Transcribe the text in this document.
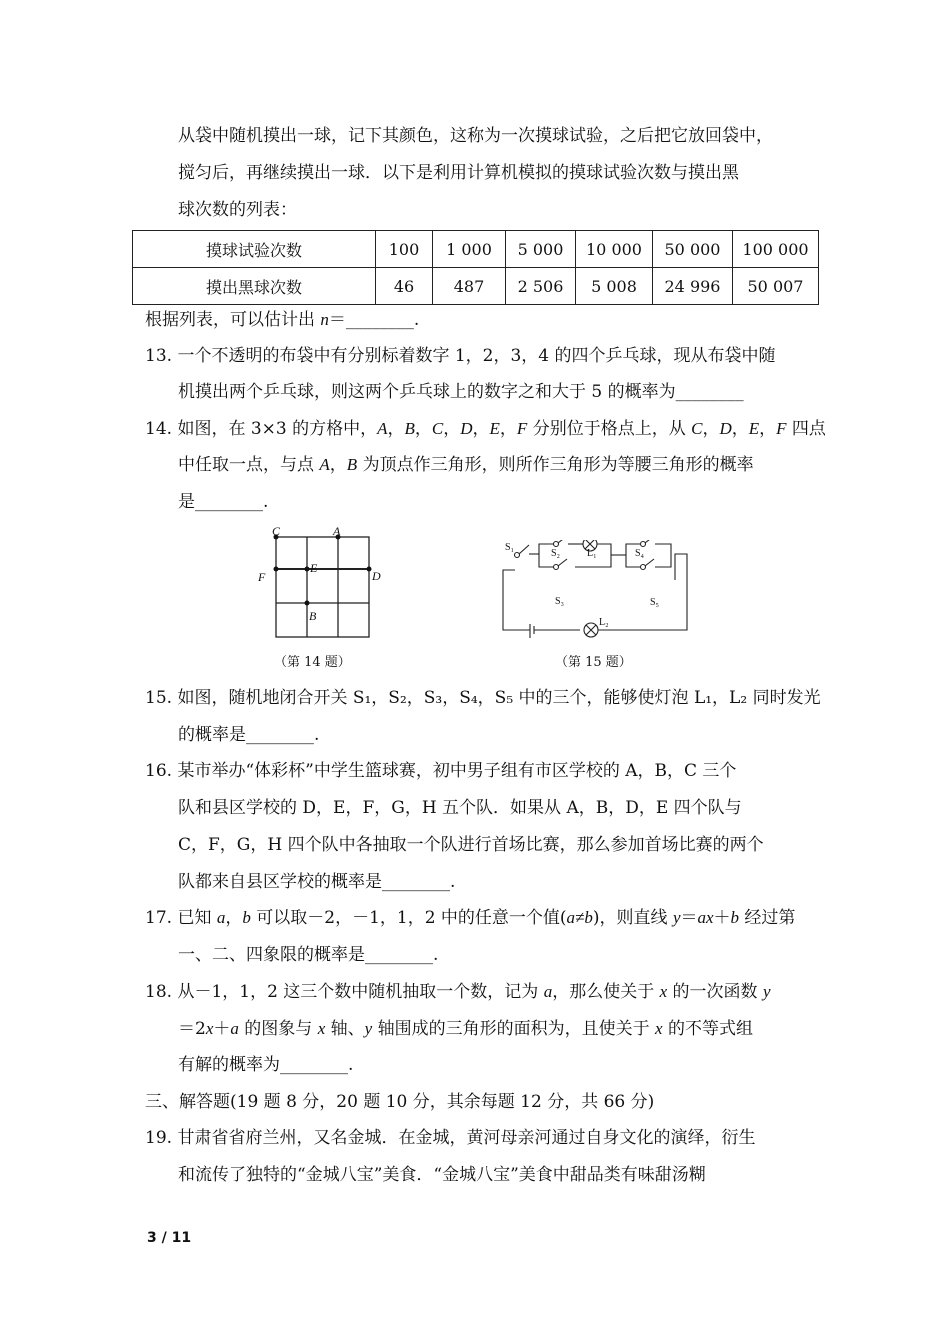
从袋中随机摸出一球，记下其颜色，这称为一次摸球试验，之后把它放回袋中，
搅匀后，再继续摸出一球．以下是利用计算机模拟的摸球试验次数与摸出黑
球次数的列表：
摸球试验次数	100	1 000	5 000	10 000	50 000	100 000
摸出黑球次数	46	487	2 506	5 008	24 996	50 007
根据列表，可以估计出 n＝________.
13. 一个不透明的布袋中有分别标着数字 1，2，3，4 的四个乒乓球，现从布袋中随
机摸出两个乒乓球，则这两个乒乓球上的数字之和大于 5 的概率为________
14. 如图，在 3×3 的方格中，A，B，C，D，E，F 分别位于格点上，从 C，D，E，F 四点
中任取一点，与点 A，B 为顶点作三角形，则所作三角形为等腰三角形的概率
是________.
C	A
F
E
D
B
（第 14 题）
S₁
S₂
S₃
S₄
S₅
L₁
L₂
（第 15 题）
15. 如图，随机地闭合开关 S₁，S₂，S₃，S₄，S₅ 中的三个，能够使灯泡 L₁，L₂ 同时发光
的概率是________.
16. 某市举办“体彩杯”中学生篮球赛，初中男子组有市区学校的 A，B，C 三个
队和县区学校的 D，E，F，G，H 五个队．如果从 A，B，D，E 四个队与
C，F，G，H 四个队中各抽取一个队进行首场比赛，那么参加首场比赛的两个
队都来自县区学校的概率是________.
17. 已知 a，b 可以取－2，－1，1，2 中的任意一个值(a≠b)，则直线 y＝ax＋b 经过第
一、二、四象限的概率是________.
18. 从－1，1，2 这三个数中随机抽取一个数，记为 a，那么使关于 x 的一次函数 y
＝2x＋a 的图象与 x 轴、y 轴围成的三角形的面积为，且使关于 x 的不等式组
有解的概率为________.
三、解答题(19 题 8 分，20 题 10 分，其余每题 12 分，共 66 分)
19. 甘肃省省府兰州，又名金城．在金城，黄河母亲河通过自身文化的演绎，衍生
和流传了独特的“金城八宝”美食．“金城八宝”美食中甜品类有味甜汤糊
3 / 11
